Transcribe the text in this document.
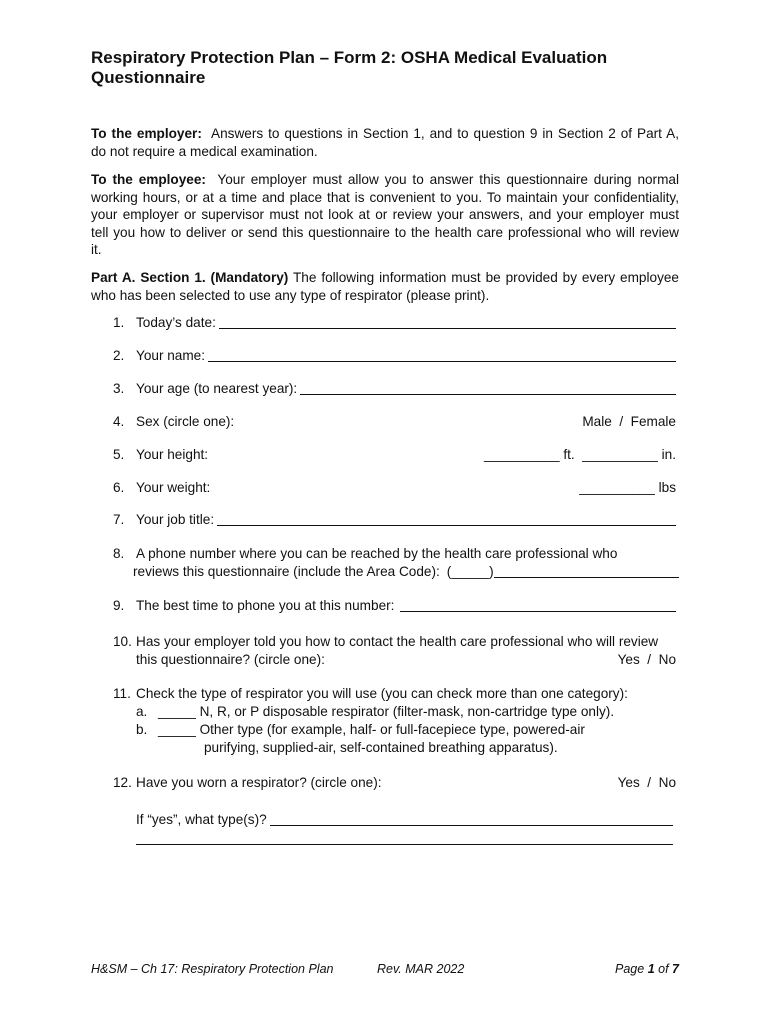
Respiratory Protection Plan – Form 2: OSHA Medical Evaluation
Questionnaire
To the employer: Answers to questions in Section 1, and to question 9 in Section 2 of Part A,
do not require a medical examination.
To the employee: Your employer must allow you to answer this questionnaire during normal
working hours, or at a time and place that is convenient to you. To maintain your confidentiality,
your employer or supervisor must not look at or review your answers, and your employer must
tell you how to deliver or send this questionnaire to the health care professional who will review
it.
Part A. Section 1. (Mandatory) The following information must be provided by every employee
who has been selected to use any type of respirator (please print).
1. Today’s date:
2. Your name:
3. Your age (to nearest year):
4. Sex (circle one):	Male  /  Female
5. Your height:	__________ ft.  __________ in.
6. Your weight:	__________ lbs
7. Your job title:
8. A phone number where you can be reached by the health care professional who
reviews this questionnaire (include the Area Code): (_____)
9. The best time to phone you at this number:
10. Has your employer told you how to contact the health care professional who will review
this questionnaire? (circle one):	Yes  /  No
11. Check the type of respirator you will use (you can check more than one category):
a. _____ N, R, or P disposable respirator (filter-mask, non-cartridge type only).
b. _____ Other type (for example, half- or full-facepiece type, powered-air
purifying, supplied-air, self-contained breathing apparatus).
12. Have you worn a respirator? (circle one):	Yes  /  No
If “yes”, what type(s)?
H&SM – Ch 17: Respiratory Protection Plan	Rev. MAR 2022	Page 1 of 7
